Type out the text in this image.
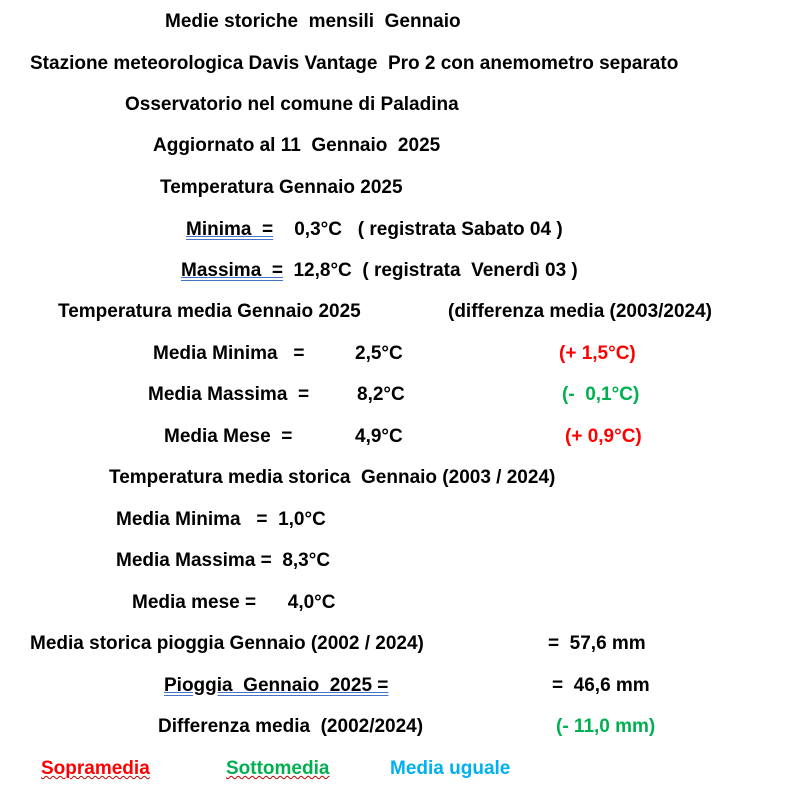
Medie storiche  mensili  Gennaio
Stazione meteorologica Davis Vantage  Pro 2 con anemometro separato
Osservatorio nel comune di Paladina
Aggiornato al 11  Gennaio  2025
Temperatura Gennaio 2025
Minima  = 0,3°C   ( registrata Sabato 04 )
Massima  = 12,8°C  ( registrata  Venerdì 03 )
Temperatura media Gennaio 2025	(differenza media (2003/2024)
Media Minima   =	2,5°C	(+ 1,5°C)
Media Massima  =	8,2°C	(-  0,1°C)
Media Mese  =	4,9°C	(+ 0,9°C)
Temperatura media storica  Gennaio (2003 / 2024)
Media Minima   =  1,0°C
Media Massima =  8,3°C
Media mese =      4,0°C
Media storica pioggia Gennaio (2002 / 2024)	=  57,6 mm
Pioggia  Gennaio  2025 =	=  46,6 mm
Differenza media  (2002/2024)	(- 11,0 mm)
Sopramedia	Sottomedia	Media uguale
